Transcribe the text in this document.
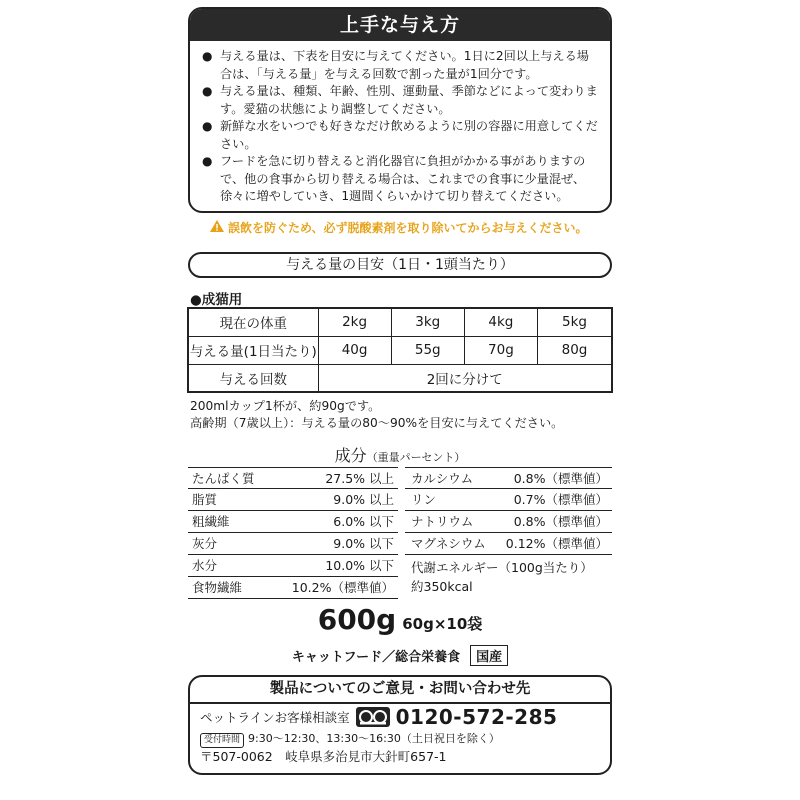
上手な与え方
● 与える量は、下表を目安に与えてください。1日に2回以上与える場合は、「与える量」を与える回数で割った量が1回分です。
● 与える量は、種類、年齢、性別、運動量、季節などによって変わります。愛猫の状態により調整してください。
● 新鮮な水をいつでも好きなだけ飲めるように別の容器に用意してください。
● フードを急に切り替えると消化器官に負担がかかる事がありますので、他の食事から切り替える場合は、これまでの食事に少量混ぜ、徐々に増やしていき、1週間くらいかけて切り替えてください。
誤飲を防ぐため、必ず脱酸素剤を取り除いてからお与えください。
与える量の目安（1日・1頭当たり）
●成猫用
現在の体重	2kg	3kg	4kg	5kg
与える量(1日当たり)	40g	55g	70g	80g
与える回数	2回に分けて			
200mlカップ1杯が、約90gです。
高齢期（7歳以上）：与える量の80～90%を目安に与えてください。
成分（重量パーセント）
たんぱく質	27.5% 以上
脂質	9.0% 以上
粗繊維	6.0% 以下
灰分	9.0% 以下
水分	10.0% 以下
食物繊維	10.2%（標準値）
カルシウム	0.8%（標準値）
リン	0.7%（標準値）
ナトリウム	0.8%（標準値）
マグネシウム 0.12%（標準値）
代謝エネルギー（100g当たり）
約350kcal
600g 60g×10袋
キャットフード／総合栄養食 国産
製品についてのご意見・お問い合わせ先
ペットラインお客様相談室 0120-572-285
受付時間 9:30～12:30、13:30～16:30（土日祝日を除く）
〒507-0062　岐阜県多治見市大針町657-1
